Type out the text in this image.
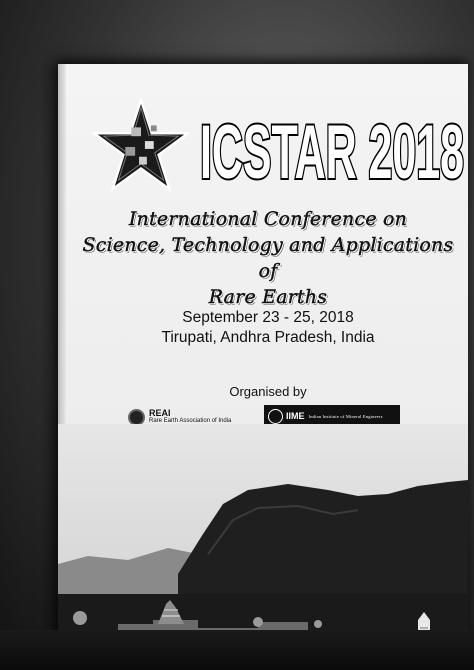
ICSTAR 2018
International Conference on
Science, Technology and Applications of
Rare Earths
September 23 - 25, 2018
Tirupati, Andhra Pradesh, India
Organised by
REAI
Rare Earth Association of India	IIME Indian Institute of Mineral Engineers
